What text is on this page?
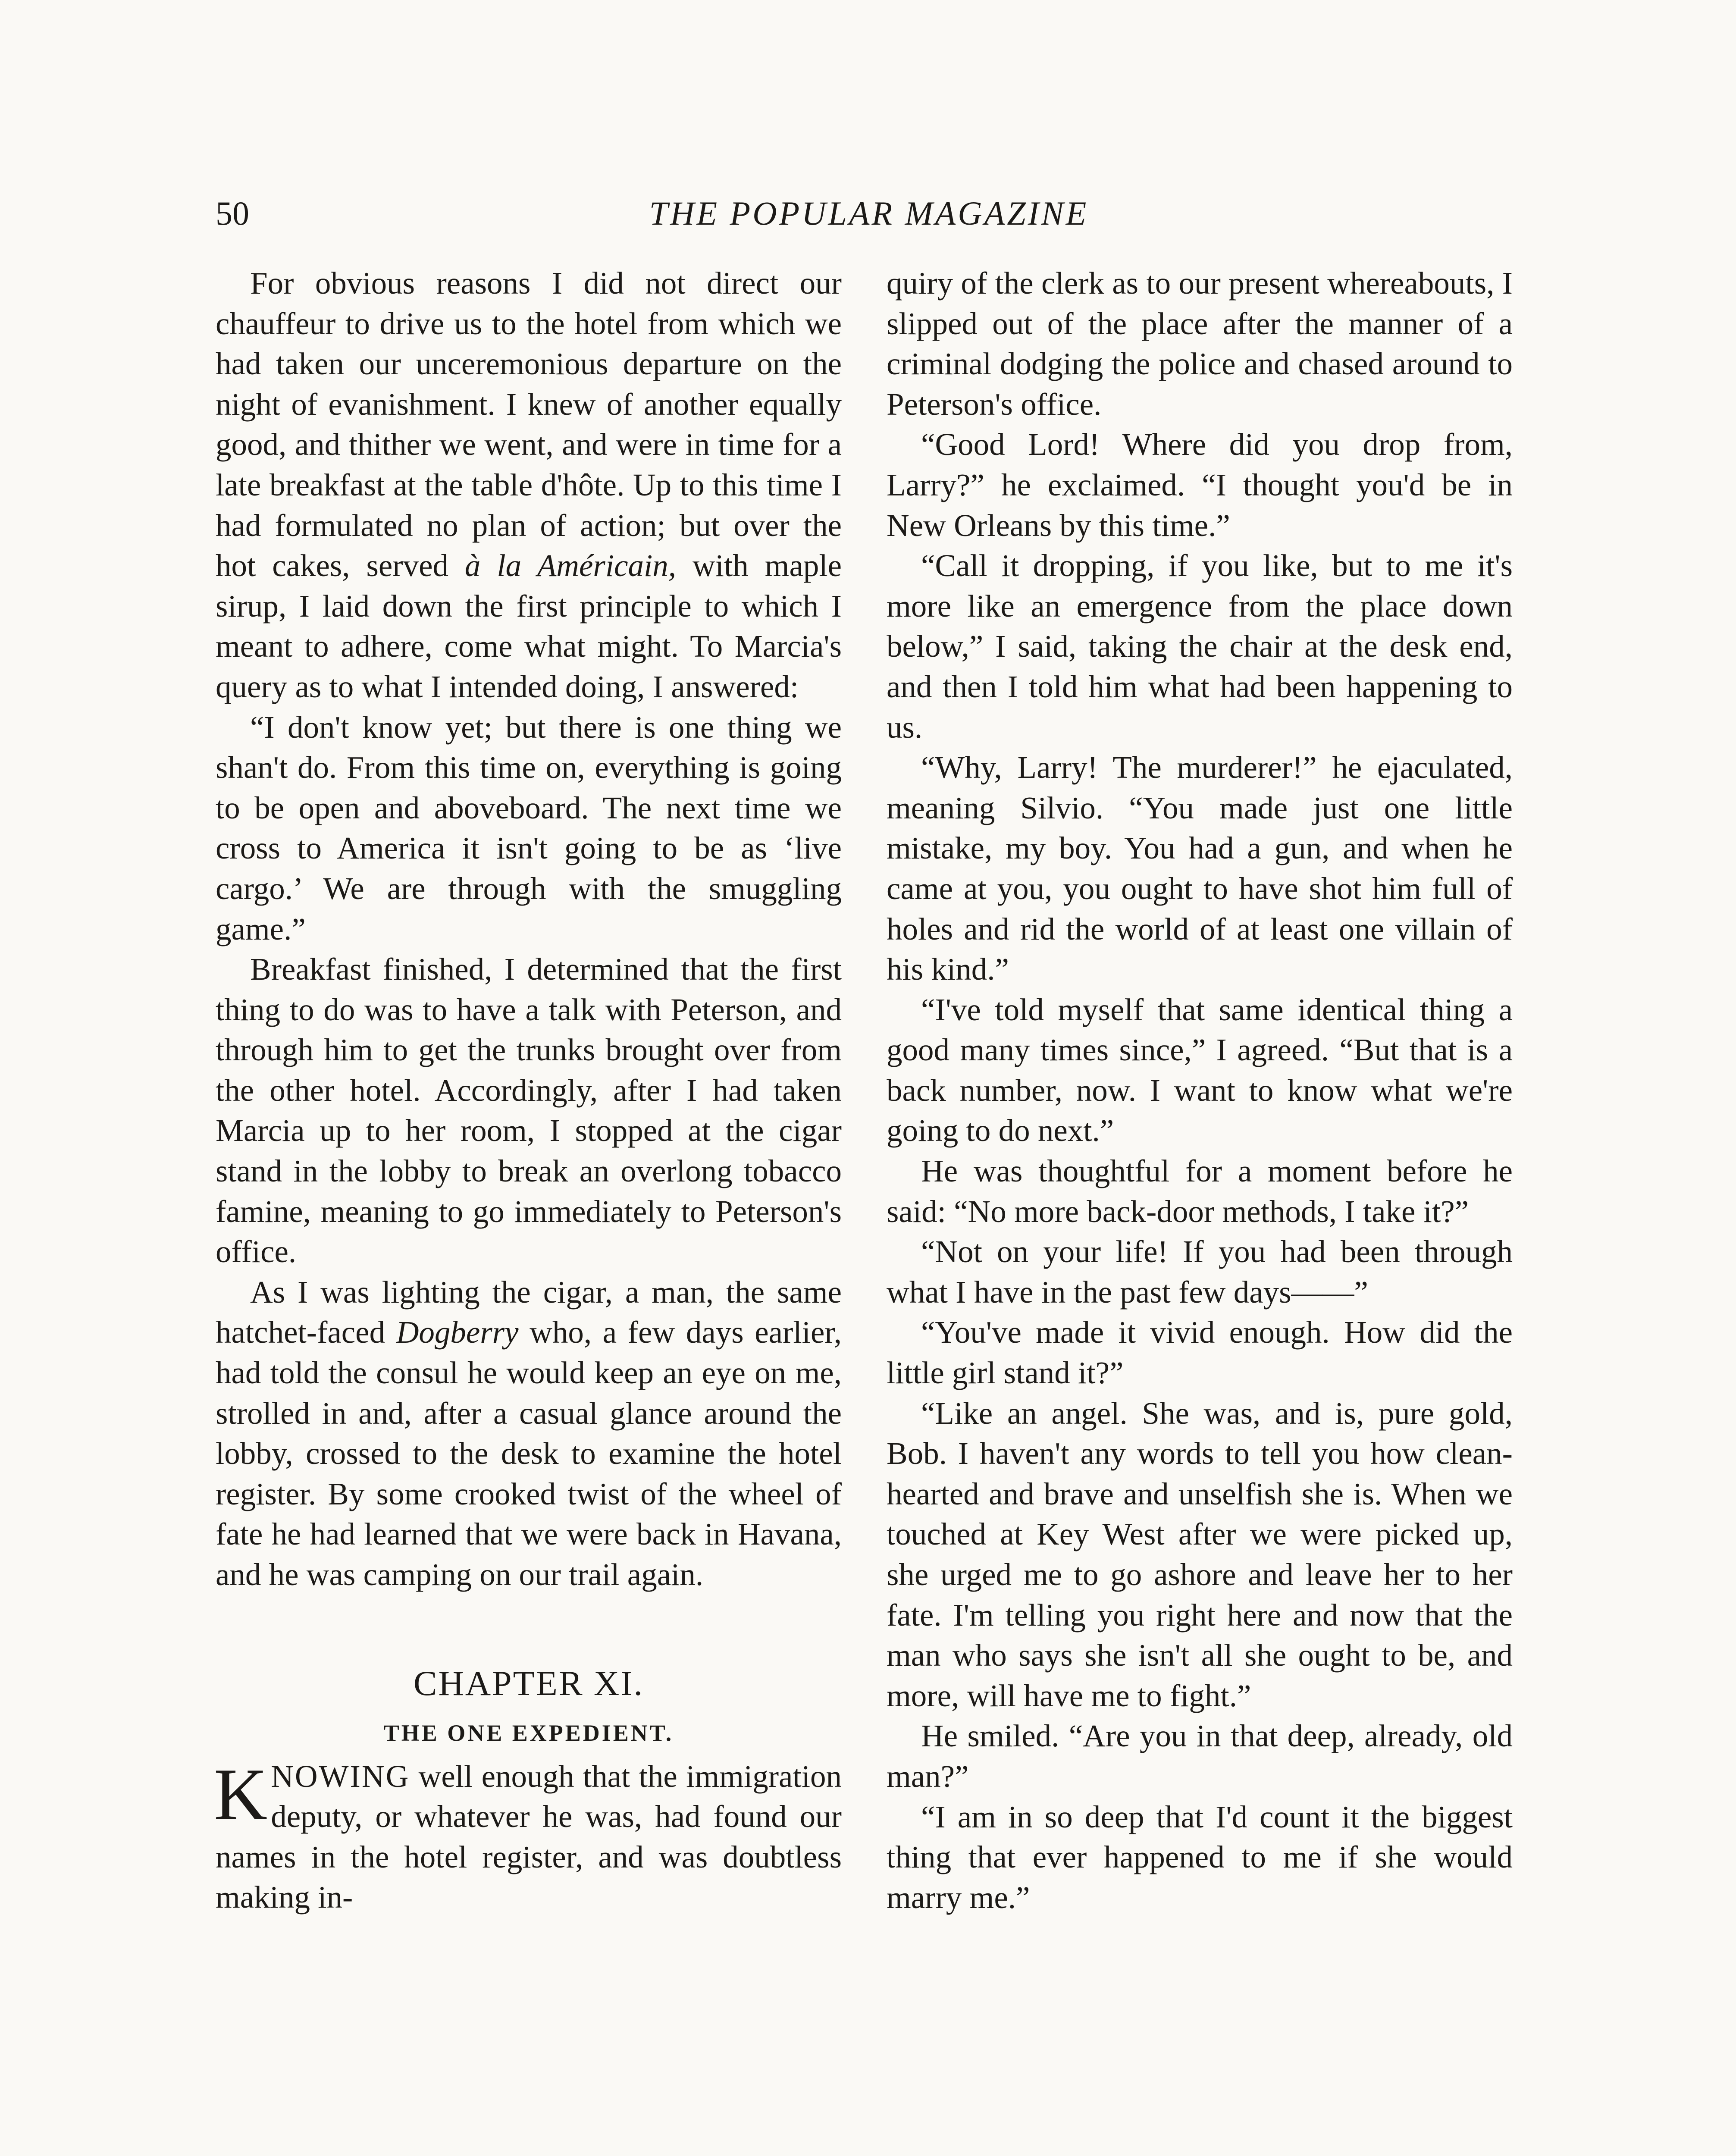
50	THE POPULAR MAGAZINE

For obvious reasons I did not direct our chauffeur to drive us to the hotel from which we had taken our unceremonious departure on the night of evanishment. I knew of another equally good, and thither we went, and were in time for a late breakfast at the table d'hôte. Up to this time I had formulated no plan of action; but over the hot cakes, served à la Américain, with maple sirup, I laid down the first principle to which I meant to adhere, come what might. To Marcia's query as to what I intended doing, I answered:

“I don't know yet; but there is one thing we shan't do. From this time on, everything is going to be open and aboveboard. The next time we cross to America it isn't going to be as ‘live cargo.’ We are through with the smuggling game.”

Breakfast finished, I determined that the first thing to do was to have a talk with Peterson, and through him to get the trunks brought over from the other hotel. Accordingly, after I had taken Marcia up to her room, I stopped at the cigar stand in the lobby to break an overlong tobacco famine, meaning to go immediately to Peterson's office.

As I was lighting the cigar, a man, the same hatchet-faced Dogberry who, a few days earlier, had told the consul he would keep an eye on me, strolled in and, after a casual glance around the lobby, crossed to the desk to examine the hotel register. By some crooked twist of the wheel of fate he had learned that we were back in Havana, and he was camping on our trail again.

CHAPTER XI.
THE ONE EXPEDIENT.

KNOWING well enough that the immigration deputy, or whatever he was, had found our names in the hotel register, and was doubtless making in-

quiry of the clerk as to our present whereabouts, I slipped out of the place after the manner of a criminal dodging the police and chased around to Peterson's office.

“Good Lord! Where did you drop from, Larry?” he exclaimed. “I thought you'd be in New Orleans by this time.”

“Call it dropping, if you like, but to me it's more like an emergence from the place down below,” I said, taking the chair at the desk end, and then I told him what had been happening to us.

“Why, Larry! The murderer!” he ejaculated, meaning Silvio. “You made just one little mistake, my boy. You had a gun, and when he came at you, you ought to have shot him full of holes and rid the world of at least one villain of his kind.”

“I've told myself that same identical thing a good many times since,” I agreed. “But that is a back number, now. I want to know what we're going to do next.”

He was thoughtful for a moment before he said: “No more back-door methods, I take it?”

“Not on your life! If you had been through what I have in the past few days——”

“You've made it vivid enough. How did the little girl stand it?”

“Like an angel. She was, and is, pure gold, Bob. I haven't any words to tell you how clean-hearted and brave and unselfish she is. When we touched at Key West after we were picked up, she urged me to go ashore and leave her to her fate. I'm telling you right here and now that the man who says she isn't all she ought to be, and more, will have me to fight.”

He smiled. “Are you in that deep, already, old man?”

“I am in so deep that I'd count it the biggest thing that ever happened to me if she would marry me.”
